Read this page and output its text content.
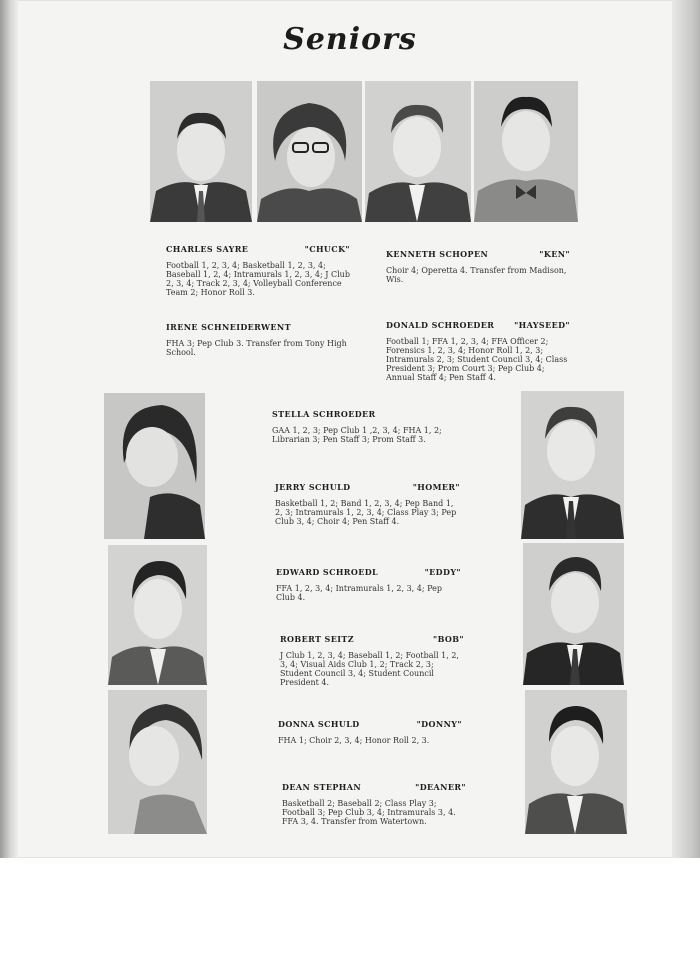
Seniors
CHARLES SAYRE	"CHUCK"
Football 1, 2, 3, 4; Basketball 1, 2, 3, 4; Baseball 1, 2, 4; Intramurals 1, 2, 3, 4; J Club 2, 3, 4; Track 2, 3, 4; Volleyball Conference Team 2; Honor Roll 3.
KENNETH SCHOPEN	"KEN"
Choir 4; Operetta 4. Transfer from Madison, Wis.
IRENE SCHNEIDERWENT
FHA 3; Pep Club 3. Transfer from Tony High School.
DONALD SCHROEDER "HAYSEED"
Football 1; FFA 1, 2, 3, 4; FFA Officer 2; Forensics 1, 2, 3, 4; Honor Roll 1, 2, 3; Intramurals 2, 3; Student Council 3, 4; Class President 3; Prom Court 3; Pep Club 4; Annual Staff 4; Pen Staff 4.
STELLA SCHROEDER
GAA 1, 2, 3; Pep Club 1 ,2, 3, 4; FHA 1, 2; Librarian 3; Pen Staff 3; Prom Staff 3.
JERRY SCHULD	"HOMER"
Basketball 1, 2; Band 1, 2, 3, 4; Pep Band 1, 2, 3; Intramurals 1, 2, 3, 4; Class Play 3; Pep Club 3, 4; Choir 4; Pen Staff 4.
EDWARD SCHROEDL	"EDDY"
FFA 1, 2, 3, 4; Intramurals 1, 2, 3, 4; Pep Club 4.
ROBERT SEITZ	"BOB"
J Club 1, 2, 3, 4; Baseball 1, 2; Football 1, 2, 3, 4; Visual Aids Club 1, 2; Track 2, 3; Student Council 3, 4; Student Council President 4.
DONNA SCHULD	"DONNY"
FHA 1; Choir 2, 3, 4; Honor Roll 2, 3.
DEAN STEPHAN	"DEANER"
Basketball 2; Baseball 2; Class Play 3; Football 3; Pep Club 3, 4; Intramurals 3, 4. FFA 3, 4. Transfer from Watertown.
